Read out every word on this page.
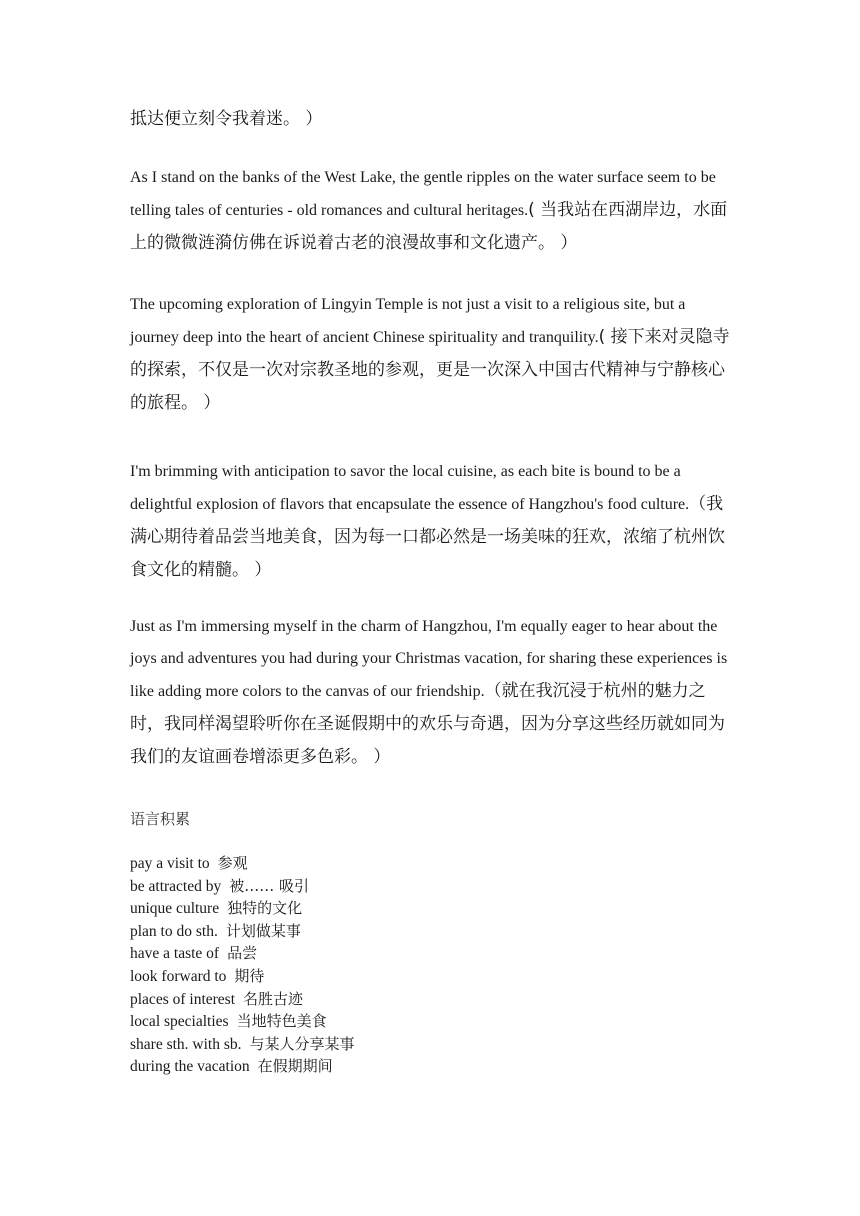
抵达便立刻令我着迷。 ）

As I stand on the banks of the West Lake, the gentle ripples on the water surface seem to be telling tales of centuries - old romances and cultural heritages.( 当我站在西湖岸边，水面上的微微涟漪仿佛在诉说着古老的浪漫故事和文化遗产。 ）

The upcoming exploration of Lingyin Temple is not just a visit to a religious site, but a journey deep into the heart of ancient Chinese spirituality and tranquility.( 接下来对灵隐寺的探索，不仅是一次对宗教圣地的参观，更是一次深入中国古代精神与宁静核心的旅程。 ）

I'm brimming with anticipation to savor the local cuisine, as each bite is bound to be a delightful explosion of flavors that encapsulate the essence of Hangzhou's food culture.（我满心期待着品尝当地美食，因为每一口都必然是一场美味的狂欢，浓缩了杭州饮食文化的精髓。 ）

Just as I'm immersing myself in the charm of Hangzhou, I'm equally eager to hear about the joys and adventures you had during your Christmas vacation, for sharing these experiences is like adding more colors to the canvas of our friendship.（就在我沉浸于杭州的魅力之时，我同样渴望聆听你在圣诞假期中的欢乐与奇遇，因为分享这些经历就如同为我们的友谊画卷增添更多色彩。 ）

语言积累

pay a visit to 参观
be attracted by 被…… 吸引
unique culture 独特的文化
plan to do sth. 计划做某事
have a taste of 品尝
look forward to 期待
places of interest 名胜古迹
local specialties 当地特色美食
share sth. with sb. 与某人分享某事
during the vacation 在假期期间
